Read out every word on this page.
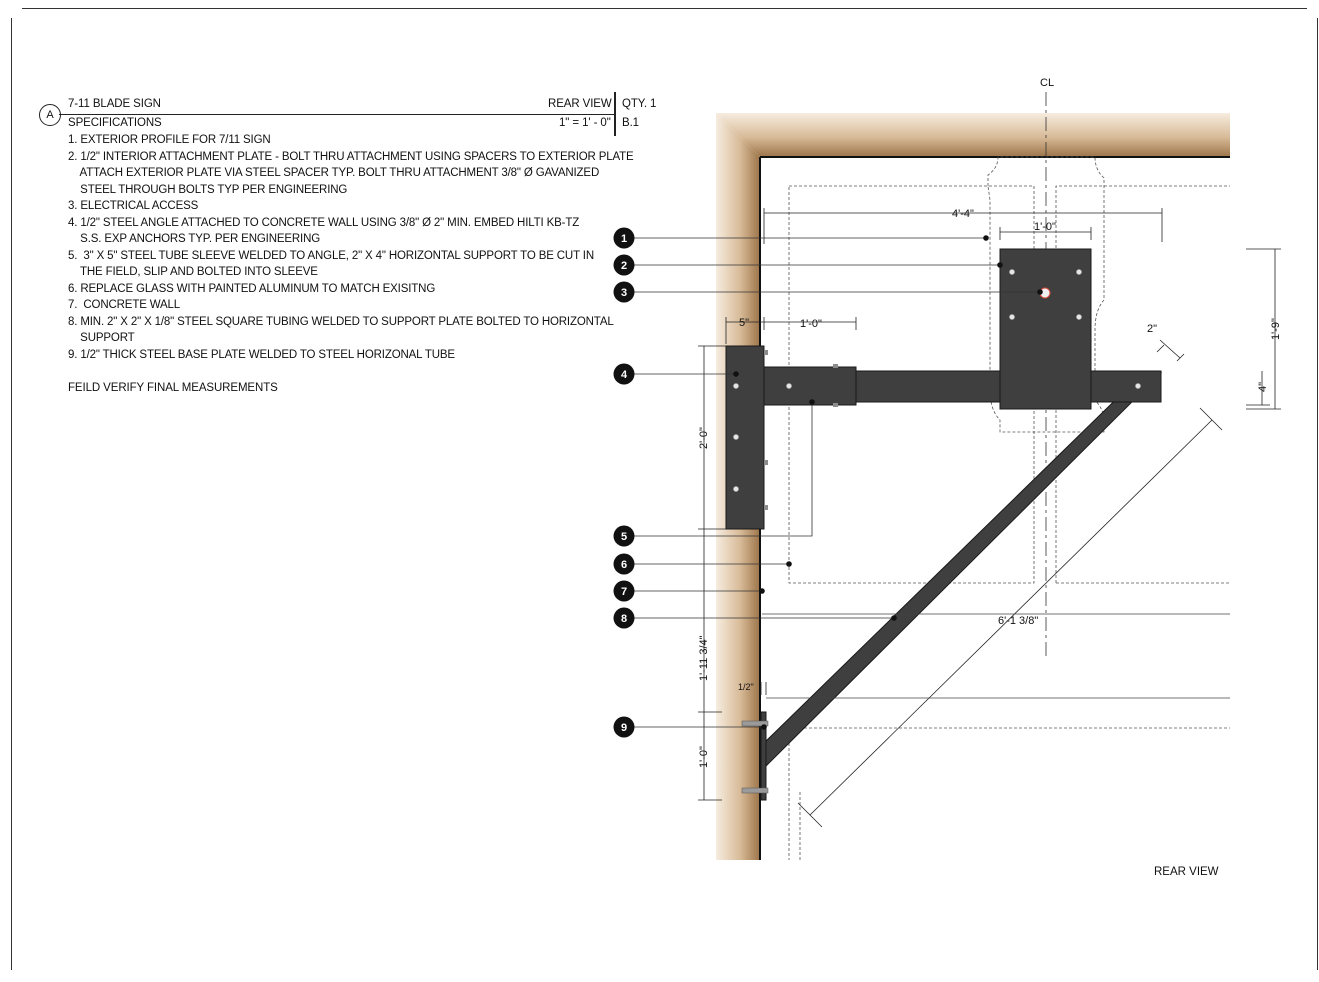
A
7-11 BLADE SIGN	REAR VIEW QTY. 1
SPECIFICATIONS	1" = 1' - 0" B.1
1. EXTERIOR PROFILE FOR 7/11 SIGN
2. 1/2" INTERIOR ATTACHMENT PLATE - BOLT THRU ATTACHMENT USING SPACERS TO EXTERIOR PLATE
ATTACH EXTERIOR PLATE VIA STEEL SPACER TYP. BOLT THRU ATTACHMENT 3/8" Ø GAVANIZED
STEEL THROUGH BOLTS TYP PER ENGINEERING
3. ELECTRICAL ACCESS
4. 1/2" STEEL ANGLE ATTACHED TO CONCRETE WALL USING 3/8" Ø 2" MIN. EMBED HILTI KB-TZ
S.S. EXP ANCHORS TYP. PER ENGINEERING
5.  3" X 5" STEEL TUBE SLEEVE WELDED TO ANGLE, 2" X 4" HORIZONTAL SUPPORT TO BE CUT IN
THE FIELD, SLIP AND BOLTED INTO SLEEVE
6. REPLACE GLASS WITH PAINTED ALUMINUM TO MATCH EXISITNG
7.  CONCRETE WALL
8. MIN. 2" X 2" X 1/8" STEEL SQUARE TUBING WELDED TO SUPPORT PLATE BOLTED TO HORIZONTAL
SUPPORT
9. 1/2" THICK STEEL BASE PLATE WELDED TO STEEL HORIZONAL TUBE
FEILD VERIFY FINAL MEASUREMENTS
CL
4'-4"
1'-0"
5"	1'-0"	2"	1'-9"
4"
2'-0"
1'-11 3/4"
1'-0"
1/2"
6'-1 3/8"
1
2
3
4
5
6
7
8
9
REAR VIEW
